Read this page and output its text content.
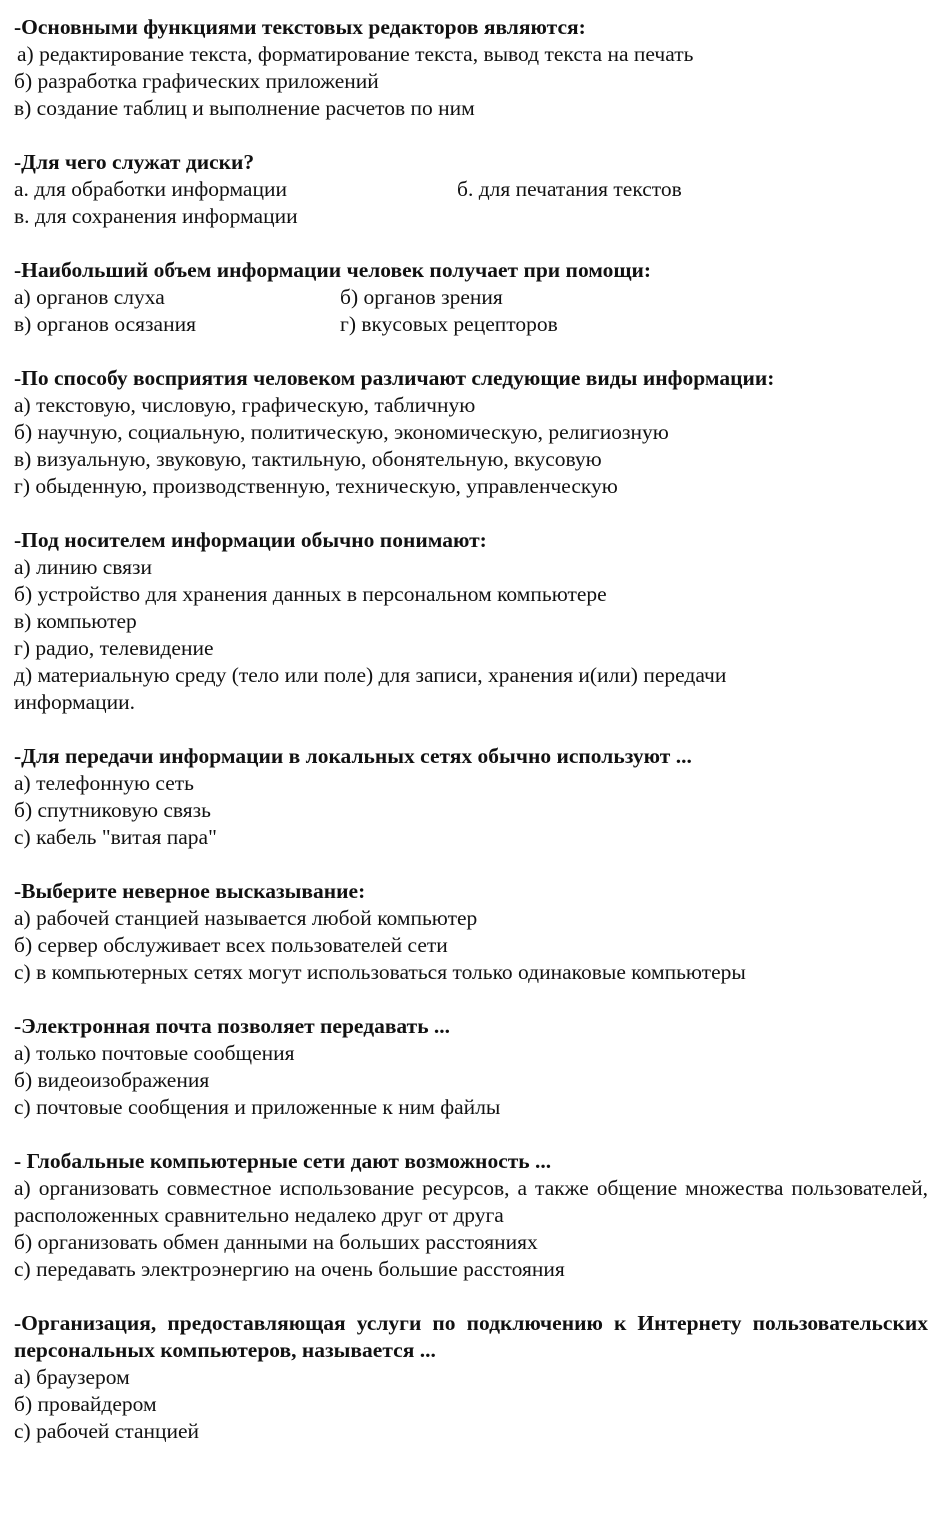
-Основными функциями текстовых редакторов являются:

а) редактирование текста, форматирование текста, вывод текста на печать

б) разработка графических приложений

в) создание таблиц и выполнение расчетов по ним

-Для чего служат диски?

а. для обработки информации	б. для печатания текстов
в. для сохранения информации

-Наибольший объем информации человек получает при помощи:

а) органов слуха	б) органов зрения
в) органов осязания	г) вкусовых рецепторов

-По способу восприятия человеком различают следующие виды информации:

а) текстовую, числовую, графическую, табличную

б) научную, социальную, политическую, экономическую, религиозную

в) визуальную, звуковую, тактильную, обонятельную, вкусовую

г) обыденную, производственную, техническую, управленческую

-Под носителем информации обычно понимают:

а) линию связи

б) устройство для хранения данных в персональном компьютере

в) компьютер

г) радио, телевидение

д) материальную среду (тело или поле) для записи, хранения и(или) передачи информации.

-Для передачи информации в локальных сетях обычно используют ...

а) телефонную сеть

б) спутниковую связь

с) кабель "витая пара"

-Выберите неверное высказывание:

а) рабочей станцией называется любой компьютер

б) сервер обслуживает всех пользователей сети

с) в компьютерных сетях могут использоваться только одинаковые компьютеры

-Электронная почта позволяет передавать ...

а) только почтовые сообщения

б) видеоизображения

с) почтовые сообщения и приложенные к ним файлы

- Глобальные компьютерные сети дают возможность ...

а) организовать совместное использование ресурсов, а также общение множества пользователей, расположенных сравнительно недалеко друг от друга

б) организовать обмен данными на больших расстояниях

с) передавать электроэнергию на очень большие расстояния

-Организация, предоставляющая услуги по подключению к Интернету пользовательских персональных компьютеров, называется ...

а) браузером

б) провайдером

с) рабочей станцией
